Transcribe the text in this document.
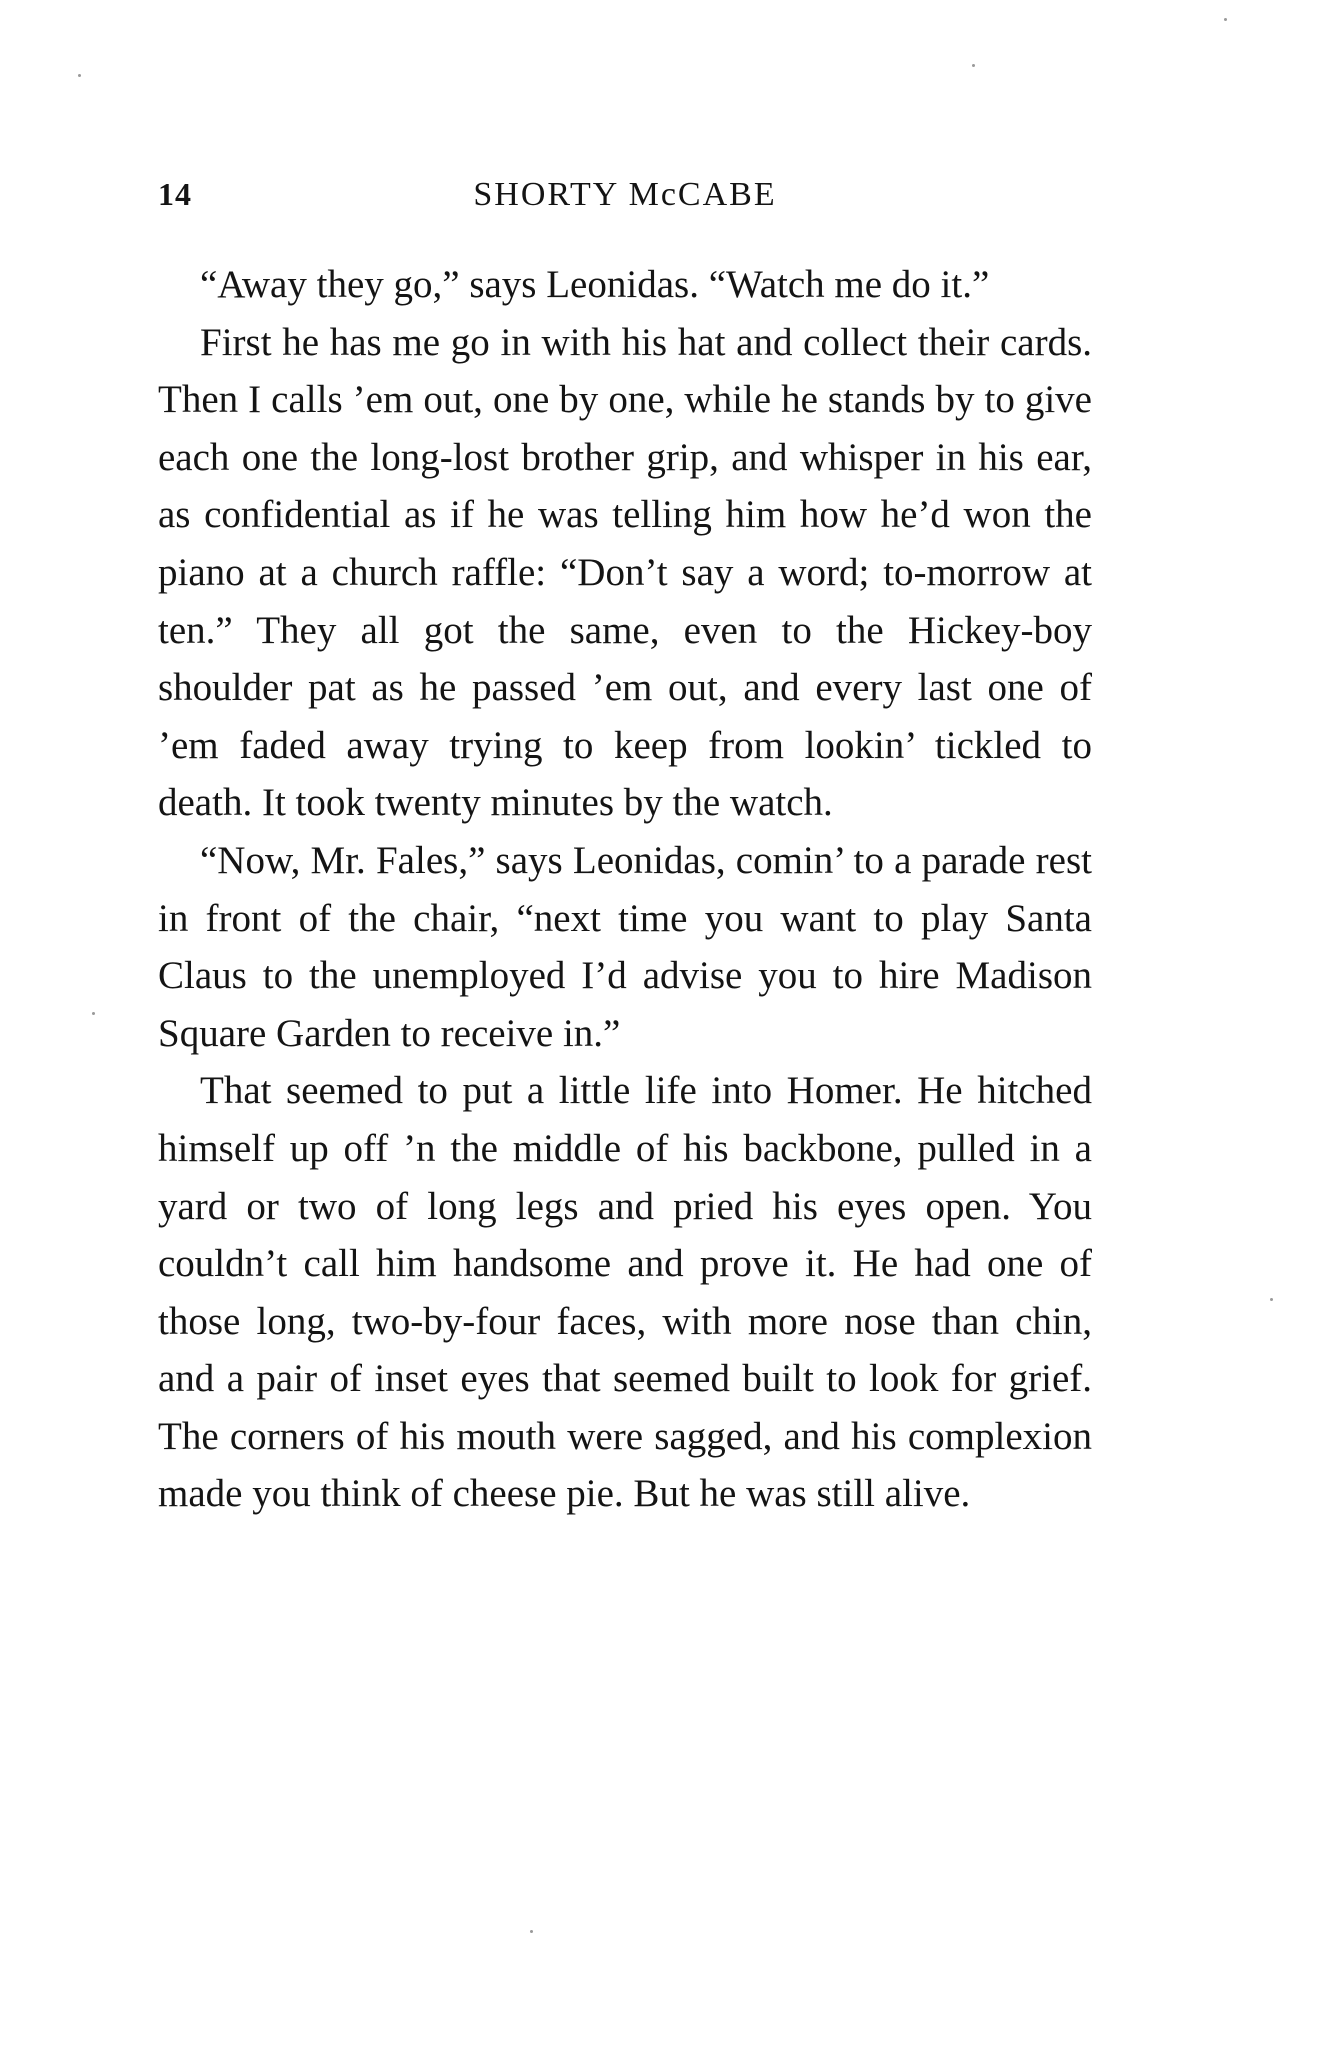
14	SHORTY McCABE

“Away they go,” says Leonidas. “Watch me do it.”

First he has me go in with his hat and collect their cards. Then I calls ’em out, one by one, while he stands by to give each one the long-lost brother grip, and whisper in his ear, as confidential as if he was telling him how he’d won the piano at a church raffle: “Don’t say a word; to-morrow at ten.” They all got the same, even to the Hickey-boy shoulder pat as he passed ’em out, and every last one of ’em faded away trying to keep from lookin’ tickled to death. It took twenty minutes by the watch.

“Now, Mr. Fales,” says Leonidas, comin’ to a parade rest in front of the chair, “next time you want to play Santa Claus to the unemployed I’d advise you to hire Madison Square Garden to receive in.”

That seemed to put a little life into Homer. He hitched himself up off ’n the middle of his backbone, pulled in a yard or two of long legs and pried his eyes open. You couldn’t call him handsome and prove it. He had one of those long, two-by-four faces, with more nose than chin, and a pair of inset eyes that seemed built to look for grief. The corners of his mouth were sagged, and his complexion made you think of cheese pie. But he was still alive.
